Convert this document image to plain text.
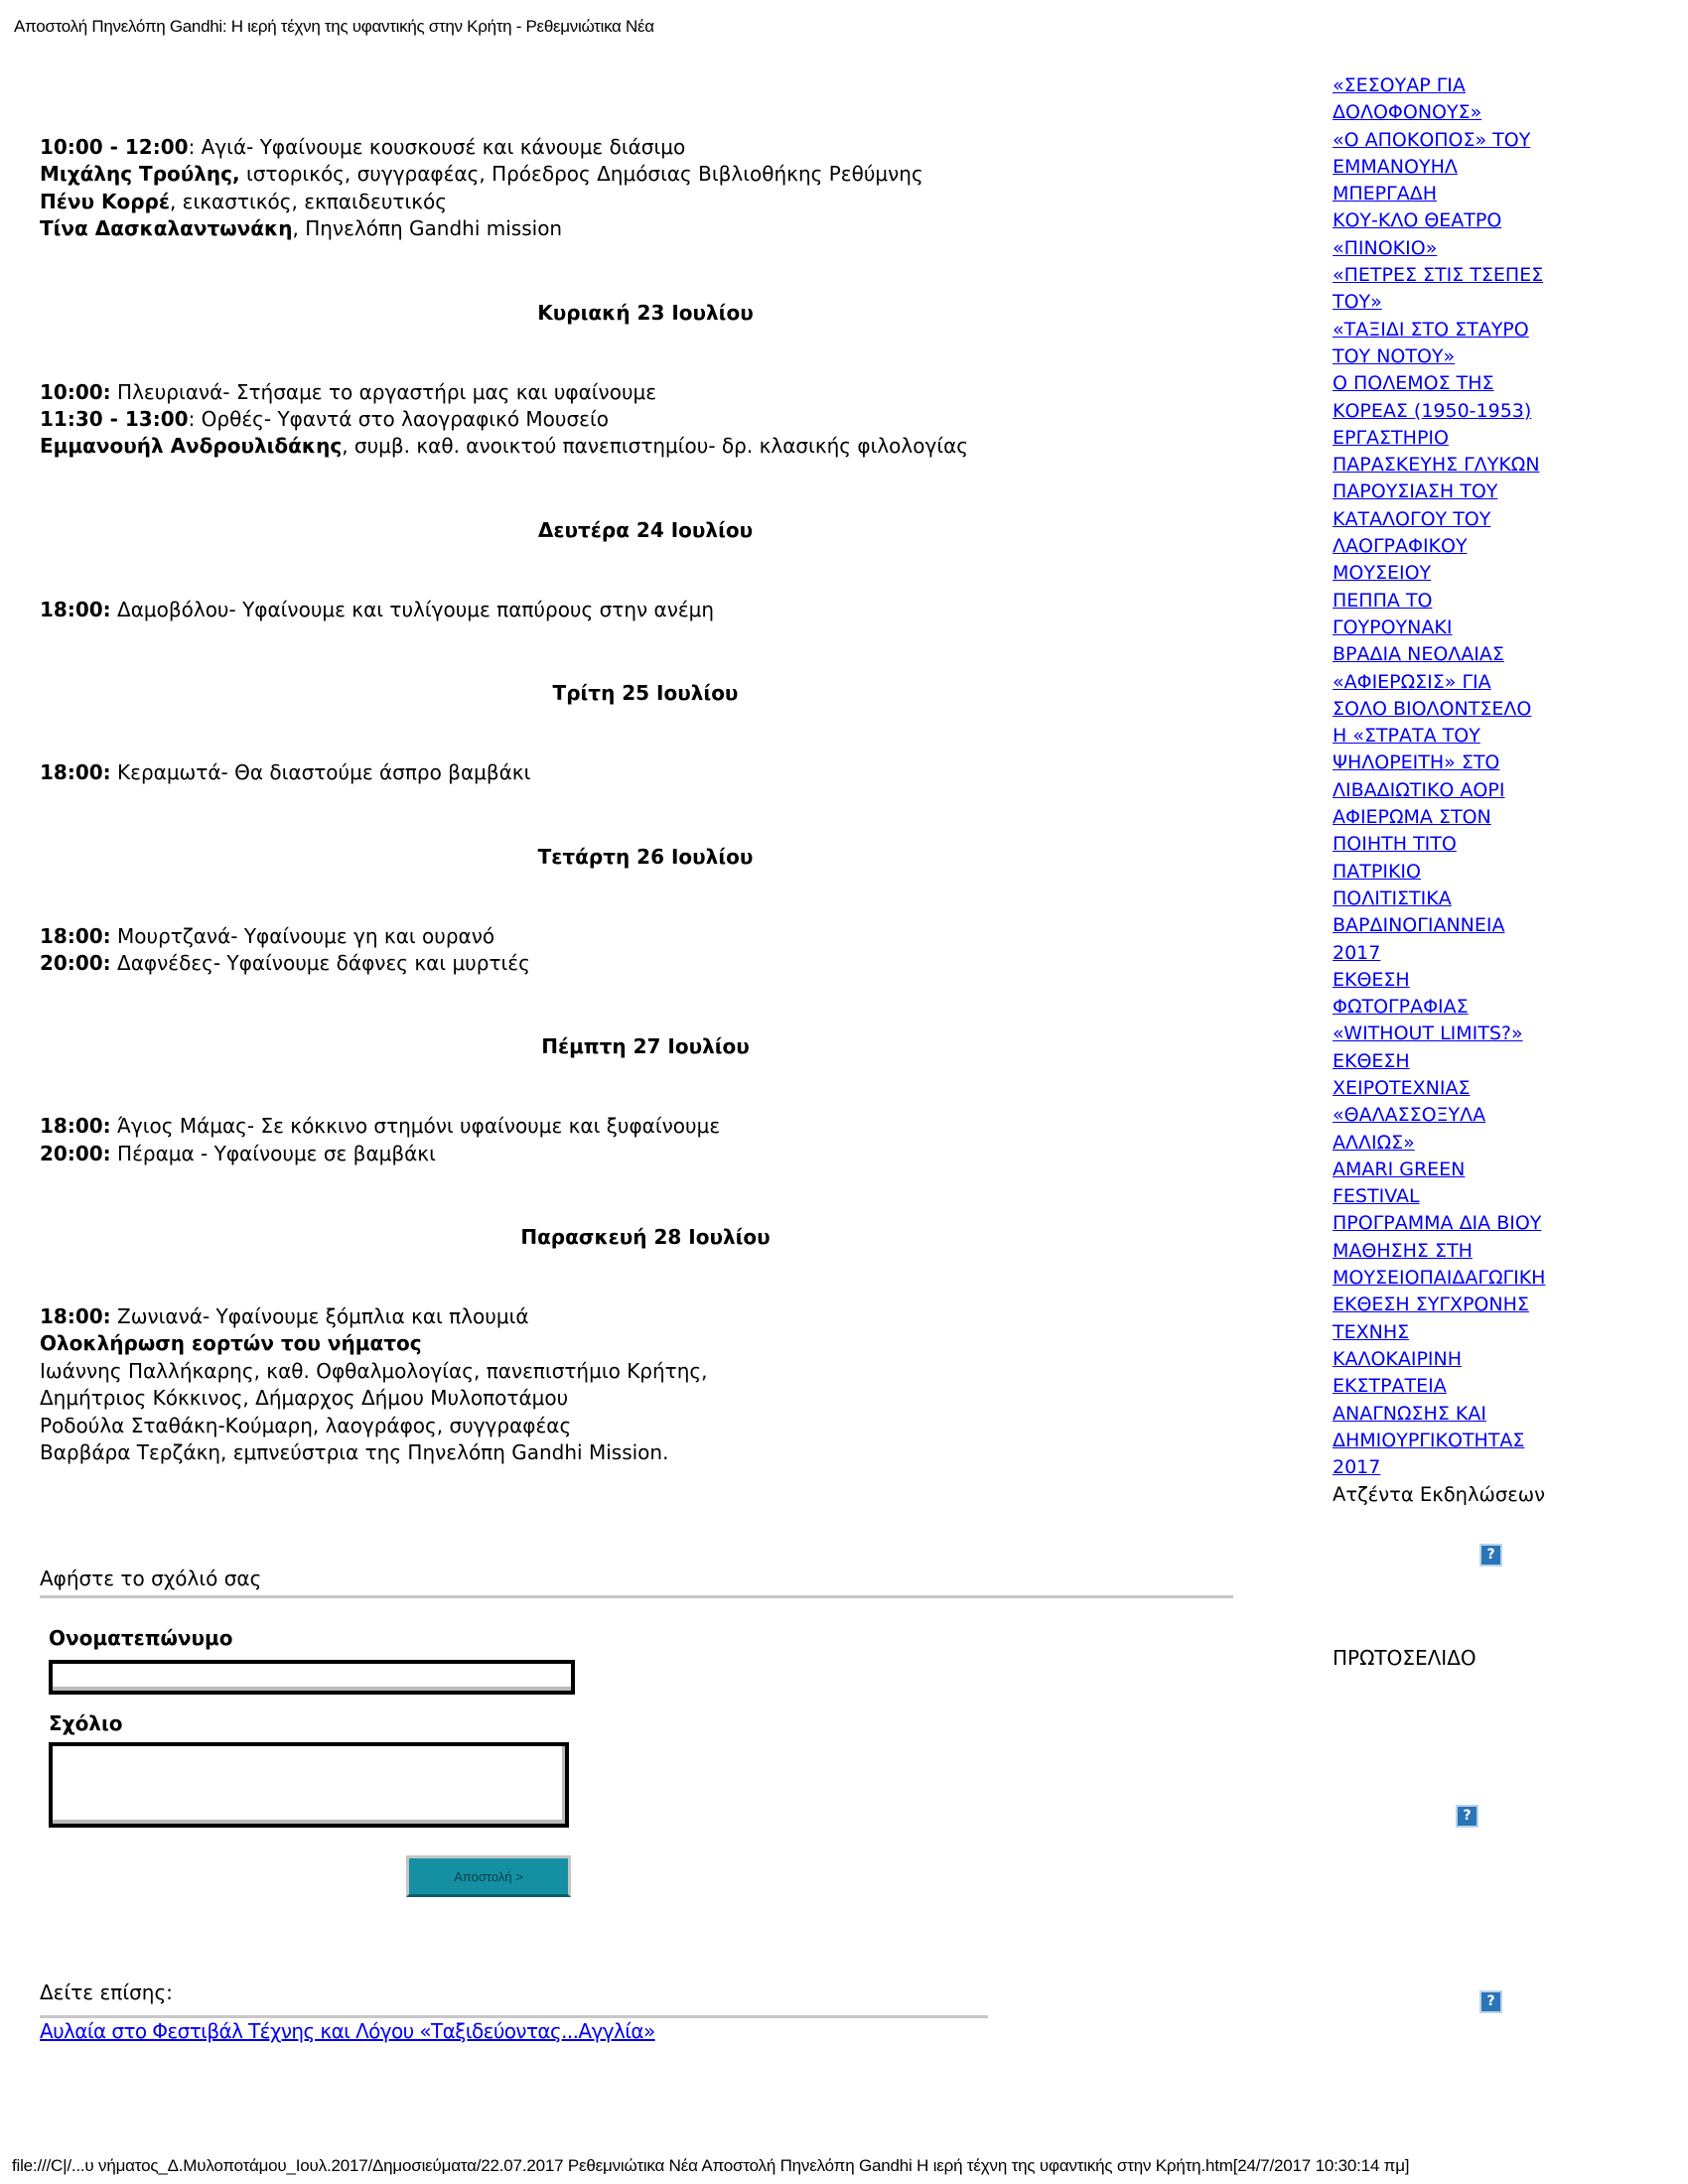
Αποστολή Πηνελόπη Gandhi: Η ιερή τέχνη της υφαντικής στην Κρήτη - Ρεθεμνιώτικα Νέα
10:00 - 12:00: Αγιά- Υφαίνουμε κουσκουσέ και κάνουμε διάσιμο
Μιχάλης Τρούλης, ιστορικός, συγγραφέας, Πρόεδρος Δημόσιας Βιβλιοθήκης Ρεθύμνης
Πένυ Κορρέ, εικαστικός, εκπαιδευτικός
Τίνα Δασκαλαντωνάκη, Πηνελόπη Gandhi mission
Κυριακή 23 Ιουλίου
10:00: Πλευριανά- Στήσαμε το αργαστήρι μας και υφαίνουμε
11:30 - 13:00: Ορθές- Υφαντά στο λαογραφικό Μουσείο
Εμμανουήλ Ανδρουλιδάκης, συμβ. καθ. ανοικτού πανεπιστημίου- δρ. κλασικής φιλολογίας
Δευτέρα 24 Ιουλίου
18:00: Δαμοβόλου- Υφαίνουμε και τυλίγουμε παπύρους στην ανέμη
Τρίτη 25 Ιουλίου
18:00: Κεραμωτά- Θα διαστούμε άσπρο βαμβάκι
Τετάρτη 26 Ιουλίου
18:00: Μουρτζανά- Υφαίνουμε γη και ουρανό
20:00: Δαφνέδες- Υφαίνουμε δάφνες και μυρτιές
Πέμπτη 27 Ιουλίου
18:00: Άγιος Μάμας- Σε κόκκινο στημόνι υφαίνουμε και ξυφαίνουμε
20:00: Πέραμα - Υφαίνουμε σε βαμβάκι
Παρασκευή 28 Ιουλίου
18:00: Ζωνιανά- Υφαίνουμε ξόμπλια και πλουμιά
Ολοκλήρωση εορτών του νήματος
Ιωάννης Παλλήκαρης, καθ. Οφθαλμολογίας, πανεπιστήμιο Κρήτης,
Δημήτριος Κόκκινος, Δήμαρχος Δήμου Μυλοποτάμου
Ροδούλα Σταθάκη-Κούμαρη, λαογράφος, συγγραφέας
Βαρβάρα Τερζάκη, εμπνεύστρια της Πηνελόπη Gandhi Mission.
Αφήστε το σχόλιό σας
Ονοματεπώνυμο
Σχόλιο
Αποστολή >
Δείτε επίσης:
Αυλαία στο Φεστιβάλ Τέχνης και Λόγου «Ταξιδεύοντας...Αγγλία»
«ΣΕΣΟΥΑΡ ΓΙΑ
ΔΟΛΟΦΟΝΟΥΣ»
«Ο ΑΠΟΚΟΠΟΣ» ΤΟΥ
ΕΜΜΑΝΟΥΗΛ
ΜΠΕΡΓΑΔΗ
ΚΟΥ-ΚΛΟ ΘΕΑΤΡΟ
«ΠΙΝΟΚΙΟ»
«ΠΕΤΡΕΣ ΣΤΙΣ ΤΣΕΠΕΣ
ΤΟΥ»
«ΤΑΞΙΔΙ ΣΤΟ ΣΤΑΥΡΟ
ΤΟΥ ΝΟΤΟΥ»
Ο ΠΟΛΕΜΟΣ ΤΗΣ
ΚΟΡΕΑΣ (1950-1953)
ΕΡΓΑΣΤΗΡΙΟ
ΠΑΡΑΣΚΕΥΗΣ ΓΛΥΚΩΝ
ΠΑΡΟΥΣΙΑΣΗ ΤΟΥ
ΚΑΤΑΛΟΓΟΥ ΤΟΥ
ΛΑΟΓΡΑΦΙΚΟΥ
ΜΟΥΣΕΙΟΥ
ΠΕΠΠΑ ΤΟ
ΓΟΥΡΟΥΝΑΚΙ
ΒΡΑΔΙΑ ΝΕΟΛΑΙΑΣ
«ΑΦΙΕΡΩΣΙΣ» ΓΙΑ
ΣΟΛΟ ΒΙΟΛΟΝΤΣΕΛΟ
Η «ΣΤΡΑΤΑ ΤΟΥ
ΨΗΛΟΡΕΙΤΗ» ΣΤΟ
ΛΙΒΑΔΙΩΤΙΚΟ ΑΟΡΙ
ΑΦΙΕΡΩΜΑ ΣΤΟΝ
ΠΟΙΗΤΗ ΤΙΤΟ
ΠΑΤΡΙΚΙΟ
ΠΟΛΙΤΙΣΤΙΚΑ
ΒΑΡΔΙΝΟΓΙΑΝΝΕΙΑ
2017
ΕΚΘΕΣΗ
ΦΩΤΟΓΡΑΦΙΑΣ
«WITHOUT LIMITS?»
ΕΚΘΕΣΗ
ΧΕΙΡΟΤΕΧΝΙΑΣ
«ΘΑΛΑΣΣΟΞΥΛΑ
ΑΛΛΙΩΣ»
AMARI GREEN
FESTIVAL
ΠΡΟΓΡΑΜΜΑ ΔΙΑ ΒΙΟΥ
ΜΑΘΗΣΗΣ ΣΤΗ
ΜΟΥΣΕΙΟΠΑΙΔΑΓΩΓΙΚΗ
ΕΚΘΕΣΗ ΣΥΓΧΡΟΝΗΣ
ΤΕΧΝΗΣ
ΚΑΛΟΚΑΙΡΙΝΗ
ΕΚΣΤΡΑΤΕΙΑ
ΑΝΑΓΝΩΣΗΣ ΚΑΙ
ΔΗΜΙΟΥΡΓΙΚΟΤΗΤΑΣ
2017
Ατζέντα Εκδηλώσεων
?
ΠΡΩΤΟΣΕΛΙΔΟ
?
?
file:///C|/...υ νήματος_Δ.Μυλοποτάμου_Ιουλ.2017/Δημοσιεύματα/22.07.2017 Ρεθεμνιώτικα Νέα Αποστολή Πηνελόπη Gandhi Η ιερή τέχνη της υφαντικής στην Κρήτη.htm[24/7/2017 10:30:14 πμ]
